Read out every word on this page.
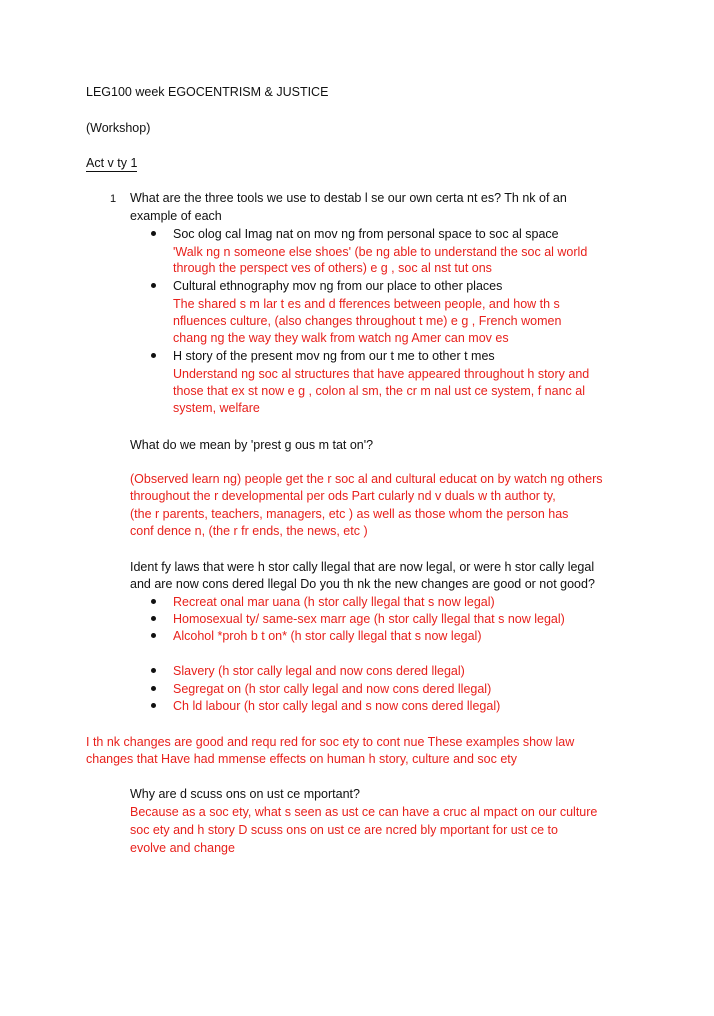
LEG100 week EGOCENTRISM & JUSTICE
(Workshop)
Act v ty 1
1 What are the three tools we use to destab l se our own certa nt es? Th nk of an
example of each
Soc olog cal Imag nat on mov ng from personal space to soc al space
'Walk ng n someone else shoes' (be ng able to understand the soc al world
through the perspect ves of others) e g , soc al nst tut ons
Cultural ethnography mov ng from our place to other places
The shared s m lar t es and d fferences between people, and how th s
nfluences culture, (also changes throughout t me) e g , French women
chang ng the way they walk from watch ng Amer can mov es
H story of the present mov ng from our t me to other t mes
Understand ng soc al structures that have appeared throughout h story and
those that ex st now e g , colon al sm, the cr m nal ust ce system, f nanc al
system, welfare
What do we mean by 'prest g ous m tat on'?
(Observed learn ng) people get the r soc al and cultural educat on by watch ng others
throughout the r developmental per ods Part cularly nd v duals w th author ty,
(the r parents, teachers, managers, etc ) as well as those whom the person has
conf dence n, (the r fr ends, the news, etc )
Ident fy laws that were h stor cally llegal that are now legal, or were h stor cally legal
and are now cons dered llegal Do you th nk the new changes are good or not good?
Recreat onal mar uana (h stor cally llegal that s now legal)
Homosexual ty/ same-sex marr age (h stor cally llegal that s now legal)
Alcohol *proh b t on* (h stor cally llegal that s now legal)
Slavery (h stor cally legal and now cons dered llegal)
Segregat on (h stor cally legal and now cons dered llegal)
Ch ld labour (h stor cally legal and s now cons dered llegal)
I th nk changes are good and requ red for soc ety to cont nue These examples show law
changes that Have had mmense effects on human h story, culture and soc ety
Why are d scuss ons on ust ce mportant?
Because as a soc ety, what s seen as ust ce can have a cruc al mpact on our culture
soc ety and h story D scuss ons on ust ce are ncred bly mportant for ust ce to
evolve and change
